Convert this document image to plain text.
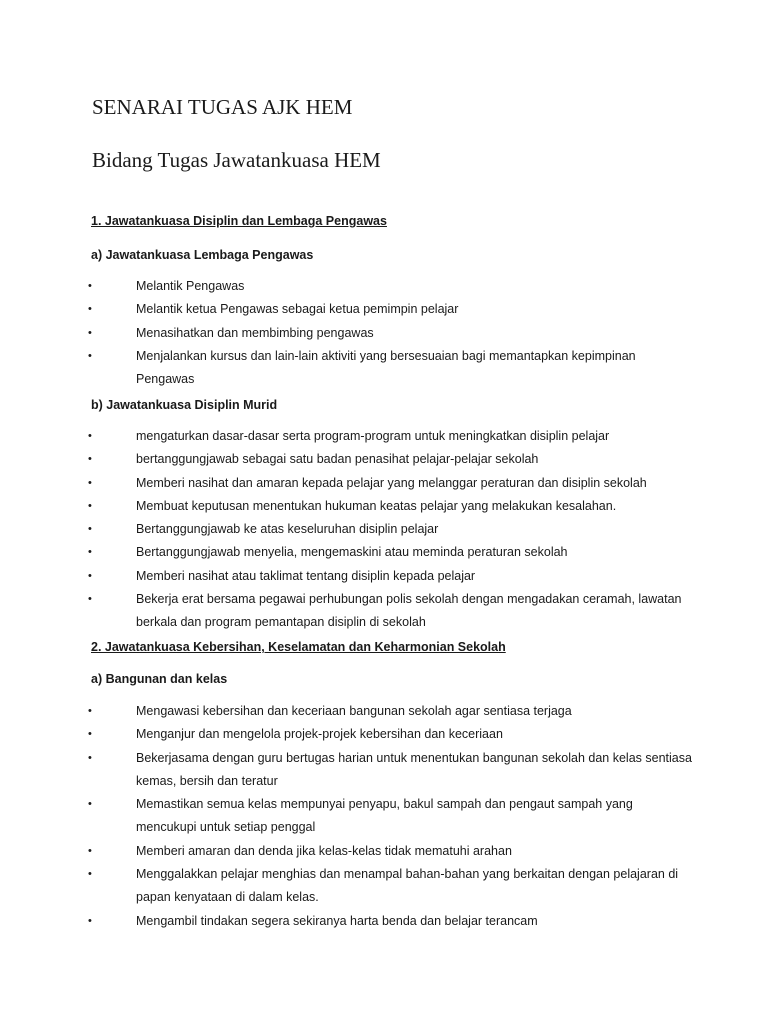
SENARAI TUGAS AJK HEM
Bidang Tugas Jawatankuasa HEM

1. Jawatankuasa Disiplin dan Lembaga Pengawas

a) Jawatankuasa Lembaga Pengawas

•	Melantik Pengawas
•	Melantik ketua Pengawas sebagai ketua pemimpin pelajar
•	Menasihatkan dan membimbing pengawas
•	Menjalankan kursus dan lain-lain aktiviti yang bersesuaian bagi memantapkan kepimpinan Pengawas

b) Jawatankuasa Disiplin Murid

•	mengaturkan dasar-dasar serta program-program untuk meningkatkan disiplin pelajar
•	bertanggungjawab sebagai satu badan penasihat pelajar-pelajar sekolah
•	Memberi nasihat dan amaran kepada pelajar yang melanggar peraturan dan disiplin sekolah
•	Membuat keputusan menentukan hukuman keatas pelajar yang melakukan kesalahan.
•	Bertanggungjawab ke atas keseluruhan disiplin pelajar
•	Bertanggungjawab menyelia, mengemaskini atau meminda peraturan sekolah
•	Memberi nasihat atau taklimat tentang disiplin kepada pelajar
•	Bekerja erat bersama pegawai perhubungan polis sekolah dengan mengadakan ceramah, lawatan berkala dan program pemantapan disiplin di sekolah

2. Jawatankuasa Kebersihan, Keselamatan dan Keharmonian Sekolah

a) Bangunan dan kelas

•	Mengawasi kebersihan dan keceriaan bangunan sekolah agar sentiasa terjaga
•	Menganjur dan mengelola projek-projek kebersihan dan keceriaan
•	Bekerjasama dengan guru bertugas harian untuk menentukan bangunan sekolah dan kelas sentiasa kemas, bersih dan teratur
•	Memastikan semua kelas mempunyai penyapu, bakul sampah dan pengaut sampah yang mencukupi untuk setiap penggal
•	Memberi amaran dan denda jika kelas-kelas tidak mematuhi arahan
•	Menggalakkan pelajar menghias dan menampal bahan-bahan yang berkaitan dengan pelajaran di papan kenyataan di dalam kelas.
•	Mengambil tindakan segera sekiranya harta benda dan belajar terancam
